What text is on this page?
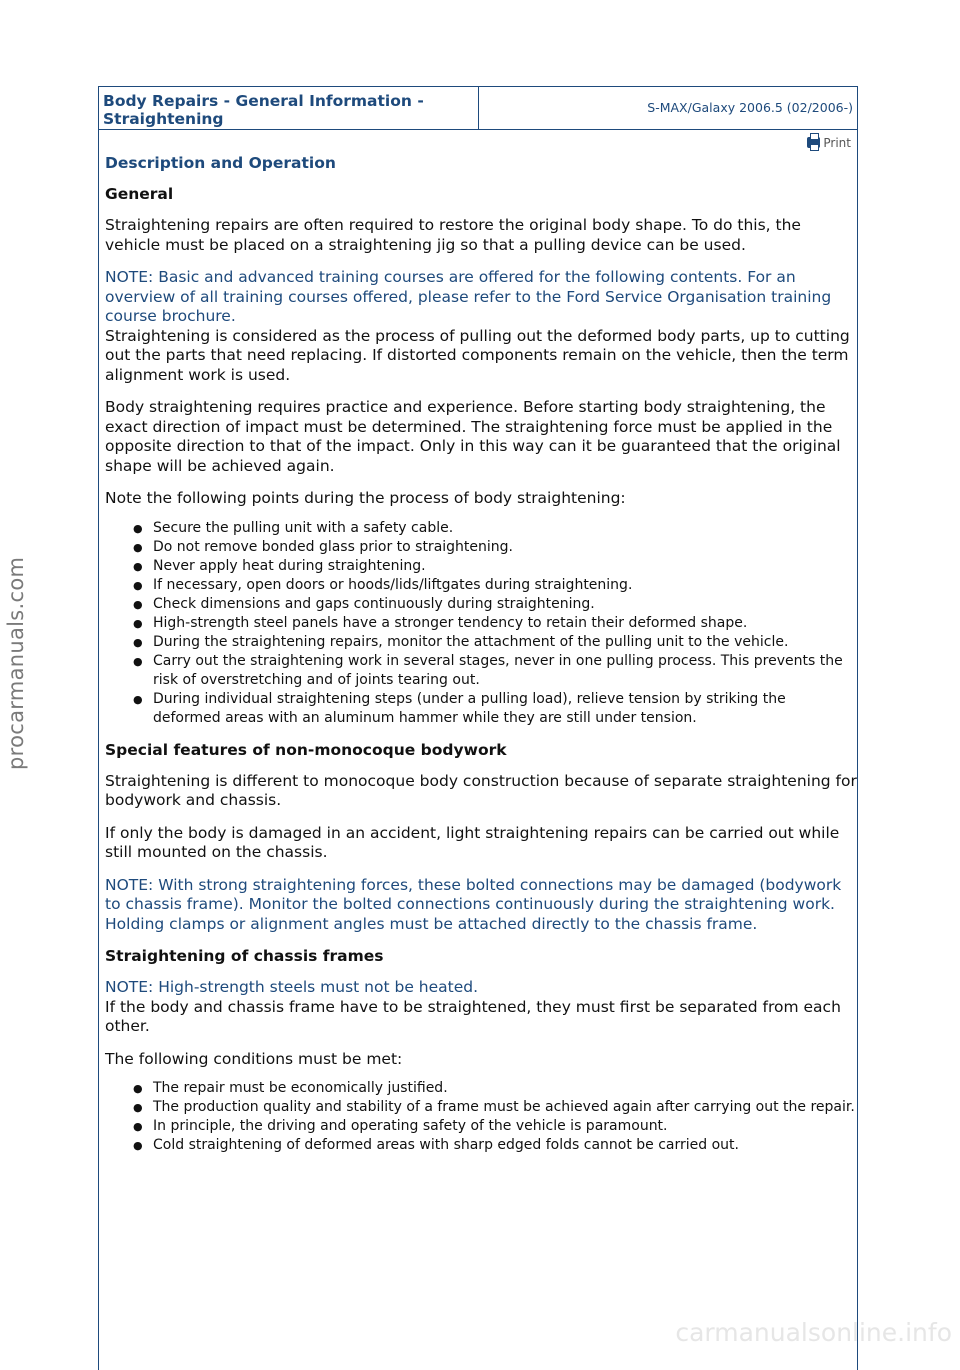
procarmanuals.com
carmanualsonline.info
Body Repairs - General Information - Straightening
S-MAX/Galaxy 2006.5 (02/2006-)
Print
Description and Operation
General

Straightening repairs are often required to restore the original body shape. To do this, the vehicle must be placed on a straightening jig so that a pulling device can be used.

NOTE: Basic and advanced training courses are offered for the following contents. For an overview of all training courses offered, please refer to the Ford Service Organisation training course brochure.

Straightening is considered as the process of pulling out the deformed body parts, up to cutting out the parts that need replacing. If distorted components remain on the vehicle, then the term alignment work is used.

Body straightening requires practice and experience. Before starting body straightening, the exact direction of impact must be determined. The straightening force must be applied in the opposite direction to that of the impact. Only in this way can it be guaranteed that the original shape will be achieved again.

Note the following points during the process of body straightening:

● Secure the pulling unit with a safety cable.
● Do not remove bonded glass prior to straightening.
● Never apply heat during straightening.
● If necessary, open doors or hoods/lids/liftgates during straightening.
● Check dimensions and gaps continuously during straightening.
● High-strength steel panels have a stronger tendency to retain their deformed shape.
● During the straightening repairs, monitor the attachment of the pulling unit to the vehicle.
● Carry out the straightening work in several stages, never in one pulling process. This prevents the risk of overstretching and of joints tearing out.
● During individual straightening steps (under a pulling load), relieve tension by striking the deformed areas with an aluminum hammer while they are still under tension.
Special features of non-monocoque bodywork

Straightening is different to monocoque body construction because of separate straightening for bodywork and chassis.

If only the body is damaged in an accident, light straightening repairs can be carried out while still mounted on the chassis.

NOTE: With strong straightening forces, these bolted connections may be damaged (bodywork to chassis frame). Monitor the bolted connections continuously during the straightening work. Holding clamps or alignment angles must be attached directly to the chassis frame.

Straightening of chassis frames

NOTE: High-strength steels must not be heated.

If the body and chassis frame have to be straightened, they must first be separated from each other.

The following conditions must be met:

● The repair must be economically justified.
● The production quality and stability of a frame must be achieved again after carrying out the repair.
● In principle, the driving and operating safety of the vehicle is paramount.
● Cold straightening of deformed areas with sharp edged folds cannot be carried out.
